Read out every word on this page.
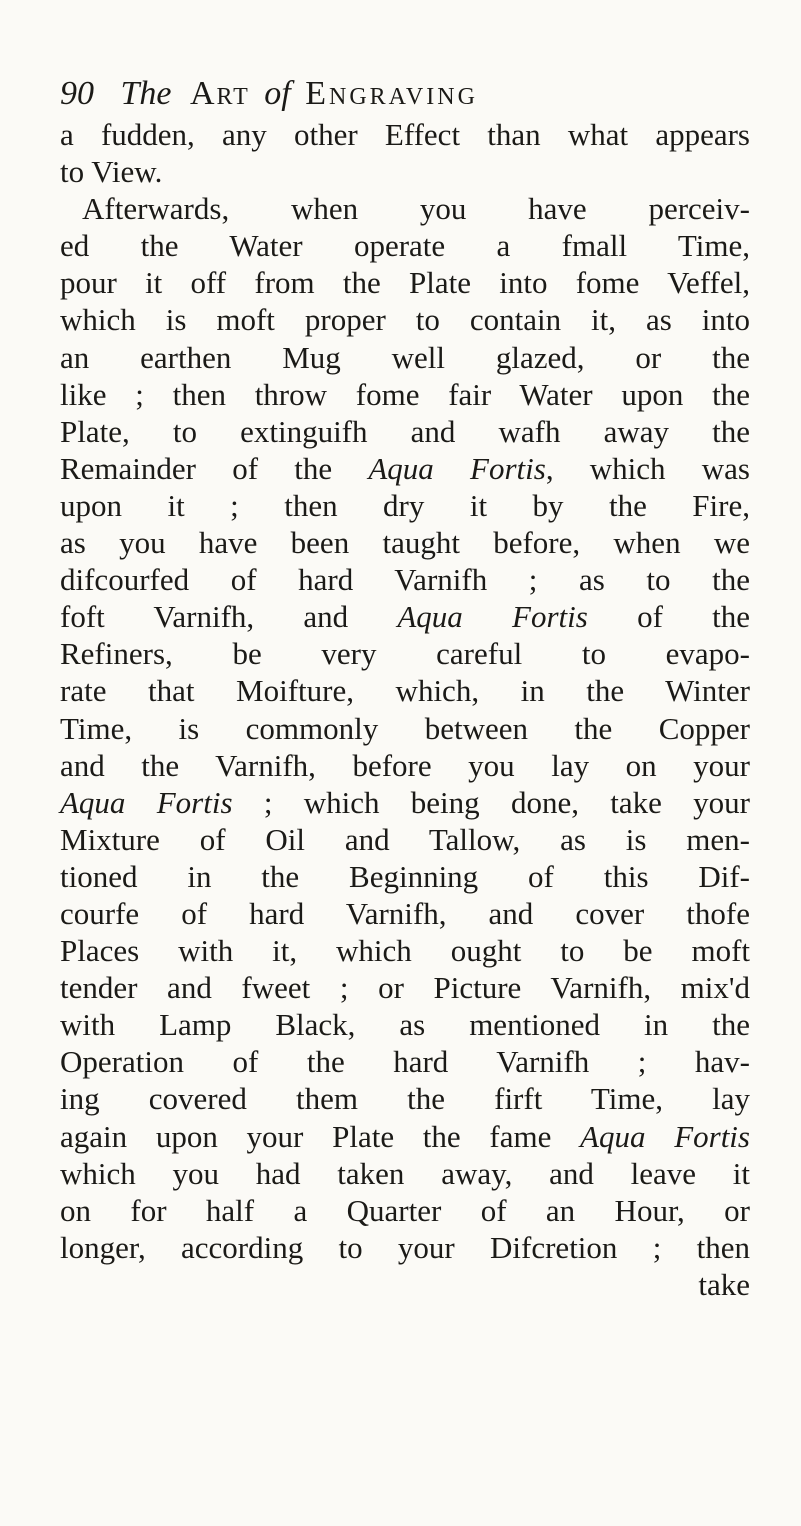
90 The Art of Engraving
a fudden, any other Effect than what appears
to View.
Afterwards, when you have perceiv-
ed the Water operate a fmall Time,
pour it off from the Plate into fome Veffel,
which is moft proper to contain it, as into
an earthen Mug well glazed, or the
like ; then throw fome fair Water upon the
Plate, to extinguifh and wafh away the
Remainder of the Aqua Fortis, which was
upon it ; then dry it by the Fire,
as you have been taught before, when we
difcourfed of hard Varnifh ; as to the
foft Varnifh, and Aqua Fortis of the
Refiners, be very careful to evapo-
rate that Moifture, which, in the Winter
Time, is commonly between the Copper
and the Varnifh, before you lay on your
Aqua Fortis ; which being done, take your
Mixture of Oil and Tallow, as is men-
tioned in the Beginning of this Dif-
courfe of hard Varnifh, and cover thofe
Places with it, which ought to be moft
tender and fweet ; or Picture Varnifh, mix'd
with Lamp Black, as mentioned in the
Operation of the hard Varnifh ; hav-
ing covered them the firft Time, lay
again upon your Plate the fame Aqua Fortis
which you had taken away, and leave it
on for half a Quarter of an Hour, or
longer, according to your Difcretion ; then
take
